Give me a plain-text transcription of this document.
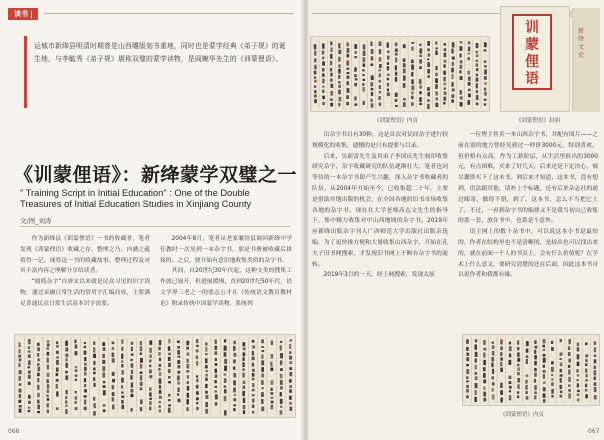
读书
运城市新绛县明清时期曾是山西雕版刻书重地，同时也是蒙学经典《弟子规》的诞生地，与李毓秀《弟子规》堪称双璧的蒙学读物，是阎畹华先生的《训蒙俚语》。
《训蒙俚语》：新绛蒙学双璧之一
" Training Script in Initial Education" : One of the Double Treasures of Initial Education Studies in Xinjiang County
文/图_刘涛

作为新绛县《训蒙俚语》一书的收藏者，笔者发现《训蒙俚语》收藏之存、整理之乃、内涵之蕴值得一记。现将这一书的收藏故事、整理过程及对其丰富内容之理解分享给读者。

“阅简杂字”自唐宋以来就是民众习见的识字读物，通过采撷日常生活的常用字汇编而成，主要满足普通民众日常生活基本识字需要。

2004年8月，笔者从老家襄汾县调回新绛中学任教时一次见到一本杂字书，那是书册被收藏后拼接的。之后，便开始有意识地收集类似的杂字书。

其间，自20世纪30年代起，这种文类的搜集工作就已展开，但进展缓慢，直到20世纪50年代，语文学界三老之一的张志公才在《传统语文教育教材论》附录传统中国蒙学读物，系统列

066
训蒙俚语
新绛文史
《训蒙俚语》内页	《训蒙俚语》封面

出杂字书目有30种，这是首次对民间杂字进行较规模化的收集，遗憾的是只有提要与目录。

后来，吴新雷先生及其弟子李国庆先生刻印收集研究杂字，杂字收藏研究的队伍逐渐壮大。笔者也同等待的一本杂字书即产生兴趣，深入杂字书收藏者的队伍，从2004年开始至今，已收集超二十年，主要是借助并地出版的机会，在全国各地的旧书市场收集各地的杂字书，现在在大学老师高志文先生的指导下，集中精力收集对中山西地域的杂字书。2019年应新绛出版杂字刊人广西师范大学出版社出版杂选编，为了更快推方便和大量收集山西杂字，开始在孔夫子旧书网搜索，才发现旧书网上不断有杂字书的流转。

2019年3月的一天，经上网搜索，发现太原

一位博主售卖一本山西杂字书，并配有图片——之前在别的地方曾经见到过一样价3000元，特别喜欢，但价格有点高，作为工薪阶层，从生活里抠出的3000元，有点困难，买来了好几天，后来还是下定决心，倾尽囊资买下了这本书。到后来才知道，这本书，没有想到，语法跟其他，请补上个标题，还有后来杂志社的通过邮寄，做得不错，到了，这本书，怎么不当把它上了，不过，一看到杂字书的编排又不是我当初自己收集的那一套，放在书中，也算是个意外。

语主网上的数十杂书中，可以说这本小书是最短的，作者在结构里也不是清晰的，是较出色可以找出来的，就在前面一个人的书页上，会有什么价值呢？在学术上什么意义，要研究清楚的还在后面，因此这本书可以说作者和我都有缘。

《训蒙俚语》内页
067
